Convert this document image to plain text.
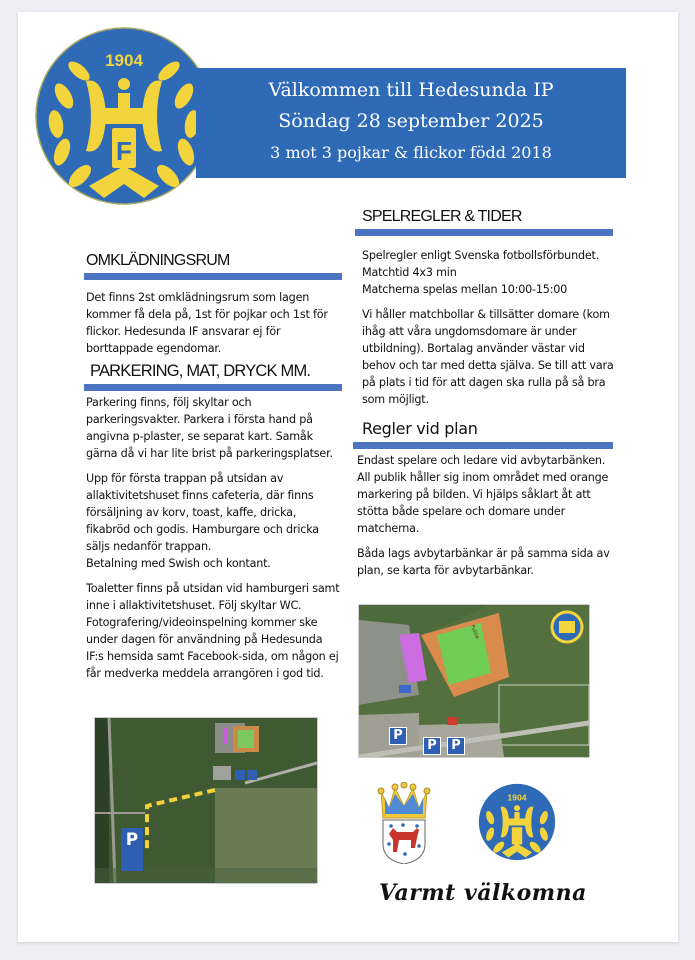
1904
F
Välkommen till Hedesunda IP
Söndag 28 september 2025
3 mot 3 pojkar & flickor född 2018
OMKLÄDNINGSRUM

Det finns 2st omklädningsrum som lagen kommer få dela på, 1st för pojkar och 1st för flickor. Hedesunda IF ansvarar ej för borttappade egendomar.

PARKERING, MAT, DRYCK MM.

Parkering finns, följ skyltar och parkeringsvakter. Parkera i första hand på angivna p-plaster, se separat kart. Samåk gärna då vi har lite brist på parkeringsplatser.

Upp för första trappan på utsidan av allaktivitetshuset finns cafeteria, där finns försäljning av korv, toast, kaffe, dricka, fikabröd och godis. Hamburgare och dricka säljs nedanför trappan.

Betalning med Swish och kontant.

Toaletter finns på utsidan vid hamburgeri samt inne i allaktivitetshuset. Följ skyltar WC. Fotografering/videoinspelning kommer ske under dagen för användning på Hedesunda IF:s hemsida samt Facebook-sida, om någon ej får medverka meddela arrangören i god tid.

P
SPELREGLER & TIDER
Spelregler enligt Svenska fotbollsförbundet.
Matchtid 4x3 min
Matcherna spelas mellan 10:00-15:00

Vi håller matchbollar & tillsätter domare (kom ihåg att våra ungdomsdomare är under utbildning). Bortalag använder västar vid behov och tar med detta själva. Se till att vara på plats i tid för att dagen ska rulla på så bra som möjligt.

Regler vid plan

Endast spelare och ledare vid avbytarbänken. All publik håller sig inom området med orange markering på bilden. Vi hjälps såklart åt att stötta både spelare och domare under matcherna.

Båda lags avbytarbänkar är på samma sida av plan, se karta för avbytarbänkar.

P
P	P
Publik
1904
Varmt välkomna
